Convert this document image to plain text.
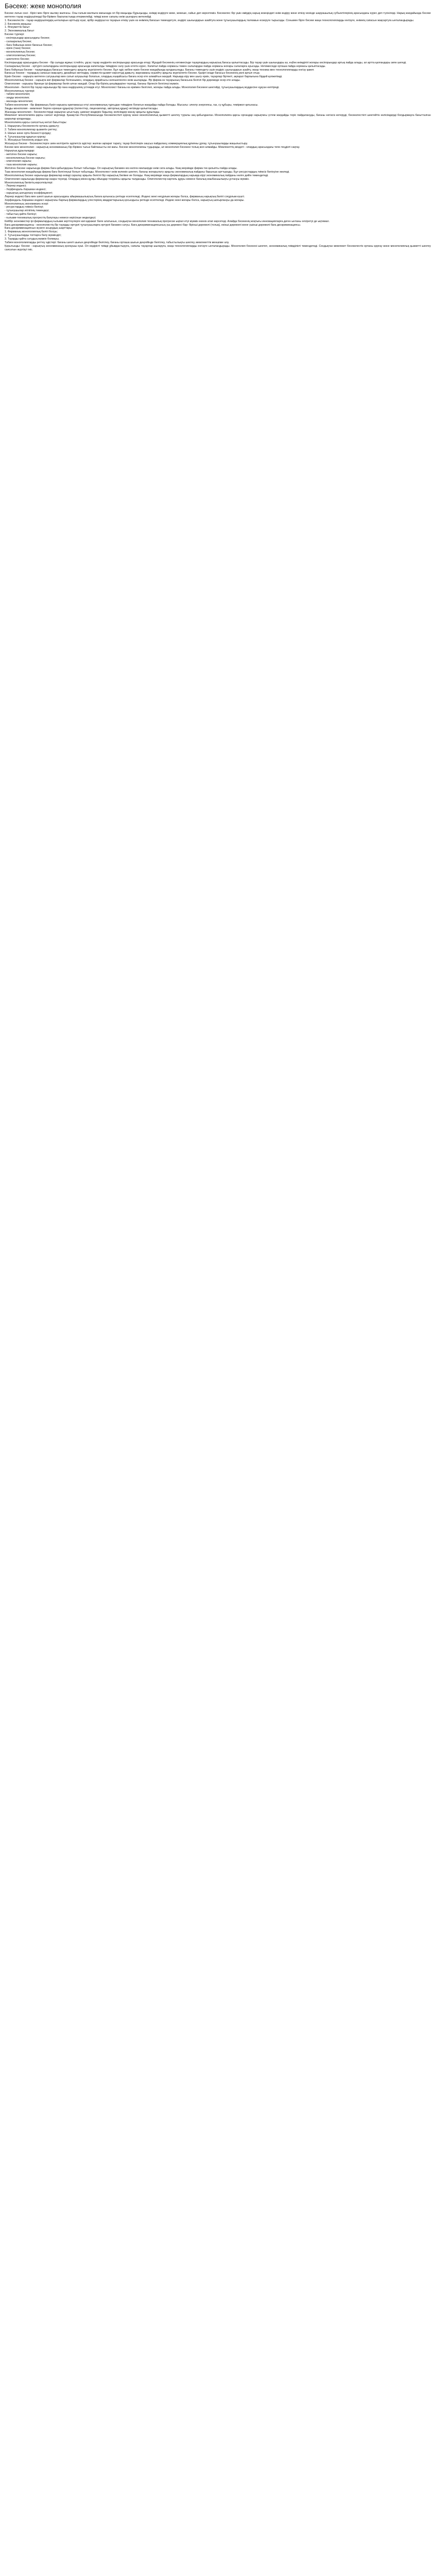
Бәсеке: жеке монополия

Бәсеке латын сөзі - Кірісі мен бірге жылжу жалғасы. Оны ғалым жалпыға мағынада ол бір маңызды бұрыңызды, өнімді өндіруге жеке, жекеше, сайыс деп көрсетеміз. Бәсекелес бір үшін өмірдің нарық кезеңіндегі өнім өндіру және өткізу кезінде шаруашылық субъектілерінің арасындағы күрес деп түсініледі. Нарық жағдайында бәсеке көптеген тауар өндірушілерді бір-бірімен бақталастыққа итермелейді, тиімді және сапалы өнім шығаруға жетелейді.

1. Бәсекелестік - тауар өндірушілердің ынталарын арттыру күші, әрбір өндіруші өз тауарын өткізу үшін өз өнімінің бағасын төмендетуге, өндіріс шығындарын азайтуға және тұтынушылардың талғамын ескеруге тырысады. Сонымен бірге бәсеке жаңа технологияларды енгізуге, өнімнің сапасын жақсартуға ынталандырады.

2. Бәсекенің маңызы:

1. Әлеуметтік бағыт

2. Экономикалық бағыт

Бәсеке түрлері:

- кәсіпорындар арасындағы бәсеке;

- салааралық бәсеке;

- баға бойынша және бағасыз бәсеке;

- еркін (таза) бәсеке;

- монополиялық бәсеке;

- олигополиялық бәсеке;

- шектелген бәсеке;

Кәсіпорындар арасындағы бәсеке - бір салада жұмыс істейтін, ұқсас тауар өндіретін кәсіпорындар арасында өтеді. Мұндай бәсекенің нәтижесінде тауарлардың нарықтық бағасы қалыптасады. Бір тауар үшін шығындары аз, еңбек өнімділігі жоғары кәсіпорындар артық пайда алады, ал артта қалғандары зиян шегеді.

Салааралық бәсеке - әртүрлі салалардағы кәсіпорындар арасында капиталды тиімдірек салу үшін өтетін күрес. Капитал пайда нормасы төмен салалардан пайда нормасы жоғары салаларға ауысады. Нәтижесінде орташа пайда нормасы қалыптасады.

Баға бойынша бәсеке - тауарлардың бағасын төмендету арқылы жүргізілетін бәсеке. Бұл әдіс көбіне еркін бәсеке жағдайында қолданылады. Бағаны төмендету үшін өндіріс шығындарын азайту, жаңа техника мен технологияларды енгізу қажет.

Бағасыз бәсеке - тауардың сапасын жақсарту, дизайнын жетілдіру, сервистік қызмет көрсетуді дамыту, жарнаманы күшейту арқылы жүргізілетін бәсеке. Қазіргі кезде бағасыз бәсекенің рөлі артып отыр.

Еркін бәсеке - нарықта көптеген сатушылар мен сатып алушылар болатын, олардың ешқайсысы бағаға әсер ете алмайтын жағдай. Нарыққа кіру мен шығу еркін, тауарлар біртекті, ақпарат барлығына бірдей қолжетімді.

Монополиялық бәсеке - нарықта көп фирмалар болғанымен, олардың әрқайсысы өзгешеленген өнім шығарады. Әр фирма өз тауарының бағасына белгілі бір дәрежеде әсер ете алады.

Олигополия - нарықты бірнеше ірі фирмалар бөліп алған жағдай. Олар бір-бірінің шешімдеріне тәуелді, бағаны бірлесіп белгілеуі мүмкін.

Монополия - белгілі бір тауар нарығында бір ғана өндірушінің үстемдік етуі. Монополист бағаны өз еркімен белгілеп, жоғары пайда алады. Монополия бәсекені шектейді, тұтынушылардың мүддесіне нұқсан келтіреді.

Монополияның түрлері:

- табиғи монополия;

- заңды монополия;

- жасанды монополия;

Табиғи монополия - бір фирманың бүкіл нарықты қамтамасыз етуі экономикалық тұрғыдан тиімдірек болатын жағдайда пайда болады. Мысалы: электр энергиясы, газ, су құбыры, теміржол қатынасы.

Заңды монополия - мемлекет берген ерекше құқықтар (патенттер, лицензиялар, авторлық құқық) негізінде қалыптасады.

Жасанды монополия - бәсекелестерді нарықтан ығыстыру, шикізат көздерін бақылау, келісімдер жасау арқылы құрылады.

Мемлекет монополияға қарсы саясат жүргізеді. Қазақстан Республикасында бәсекелестікті қорғау және монополиялық қызметті шектеу туралы заң қабылданған. Монополияға қарсы органдар нарықтағы үстем жағдайды теріс пайдалануды, бағаны негізсіз көтеруді, бәсекелестікті шектейтін келісімдерді болдырмауға бағытталған шаралар қолданады.

Монополияға қарсы саясаттың негізгі бағыттары:

1. Нарықтағы бәсекелестік ортаны дамыту;

2. Табиғи монополиялар қызметін реттеу;

3. Шағын және орта бизнесті қолдау;

4. Тұтынушылар құқығын қорғау;

5. Жосықсыз бәсекенің алдын алу.

Жосықсыз бәсеке - бәсекелестерге зиян келтіретін әділетсіз әдістер: жалған ақпарат тарату, тауар белгілерін заңсыз пайдалану, коммерциялық құпияны ұрлау, тұтынушыларды жаңылыстыру.

Бәсеке мен монополия - нарықтық экономиканың бір-бірімен тығыз байланысты екі жағы. Бәсеке монополияны тудырады, ал монополия бәсекені толық жоя алмайды. Мемлекеттің міндеті - олардың арасындағы тепе-теңдікті сақтау.

Нарықтық құрылымдар:

- жетілген бәсеке нарығы;

- монополиялық бәсеке нарығы;

- олигополия нарығы;

- таза монополия нарығы;

Жетілген бәсеке нарығында фирма баға қабылдаушы болып табылады. Ол нарықтық бағамен кез келген мөлшерде өнім сата алады. Ұзақ мерзімде фирма тек қалыпты пайда алады.

Таза монополия жағдайында фирма баға белгілеуші болып табылады. Монополист өнім көлемін шектеп, бағаны жоғарылату арқылы экономикалық пайданы барынша арттырады. Бұл ресурстардың тиімсіз бөлінуіне әкеледі.

Монополиялық бәсеке нарығында фирмалар өнімді саралау арқылы белгілі бір нарықтық билікке ие болады. Ұзақ мерзімде жаңа фирмалардың нарыққа кіруі экономикалық пайданы нөлге дейін төмендетеді.

Олигополия нарығында фирмалар өзара тәуелді. Олардың мінез-құлқы ойындар теориясы арқылы талданады. Олигополистер картель құруы немесе бағалық көшбасшылықты ұстануы мүмкін.

Монополиялық биліктің көрсеткіштері:

- Лернер индексі;

- Херфиндаль-Хиршман индексі;

- нарықтық шоғырлану коэффициенті;

Лернер индексі баға мен шекті шығын арасындағы айырмашылықтың бағаға қатынасы ретінде есептеледі. Индекс мәні неғұрлым жоғары болса, фирманың нарықтық билігі соғұрлым күшті.

Херфиндаль-Хиршман индексі нарықтағы барлық фирмалардың үлестерінің квадраттарының қосындысы ретінде есептеледі. Индекс мәні жоғары болса, нарықтың шоғырлануы да жоғары.

Монополияның экономикаға әсері:

- ресурстардың тиімсіз бөлінуі;

- тұтынушылар игілігінің төмендеуі;

- табыстың қайта бөлінуі;

- ғылыми-техникалық прогрестің баяулауы немесе керісінше жеделдеуі;

Кейбір экономистер ірі фирмалардың ғылыми зерттеулерге көп қаражат бөле алатынын, сондықтан монополия техникалық прогреске ықпал етуі мүмкін екенін атап көрсетеді. Алайда бәсекенің жоқтығы инновацияларға деген ынтаны әлсіретуі де ықтимал.

Баға дискриминациясы - монополистің бір тауарды әртүрлі тұтынушыларға әртүрлі бағамен сатуы. Баға дискриминациясының үш дәрежесі бар: бірінші дәрежелі (толық), екінші дәрежелі және үшінші дәрежелі баға дискриминациясы.

Баға дискриминациясын жүзеге асырудың шарттары:

1. Фирманың монополиялық билігі болуы;

2. Тұтынушыларды топтарға бөлу мүмкіндігі;

3. Тауарды қайта сатудың мүмкін болмауы.

Табиғи монополияларды реттеу әдістері: бағаны шекті шығын деңгейінде белгілеу, бағаны орташа шығын деңгейінде белгілеу, табыстылықты шектеу, мемлекеттік меншікке алу.

Қорытынды: бәсеке - нарықтық экономиканың қозғаушы күші. Ол өндірісті тиімді ұйымдастыруға, сапалы тауарлар шығаруға, жаңа технологияларды енгізуге ынталандырады. Монополия бәсекені шектеп, экономикалық тиімділікті төмендетеді. Сондықтан мемлекет бәсекелестік ортаны қорғау және монополиялық қызметті шектеу саясатын жүргізуі тиіс.
